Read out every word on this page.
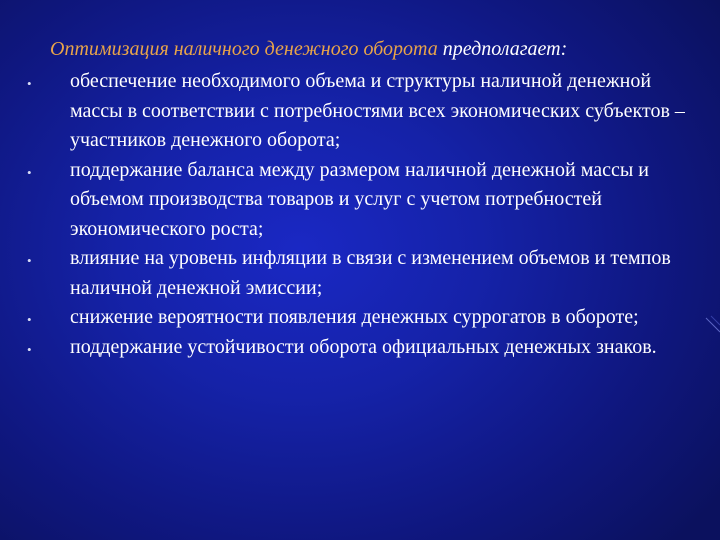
Оптимизация наличного денежного оборота предполагает:
• обеспечение необходимого объема и структуры наличной денежной массы в соответствии с потребностями всех экономических субъектов – участников денежного оборота;
• поддержание баланса между размером наличной денежной массы и объемом производства товаров и услуг с учетом потребностей экономического роста;
• влияние на уровень инфляции в связи с изменением объемов и темпов наличной денежной эмиссии;
• снижение вероятности появления денежных суррогатов в обороте;
• поддержание устойчивости оборота официальных денежных знаков.
